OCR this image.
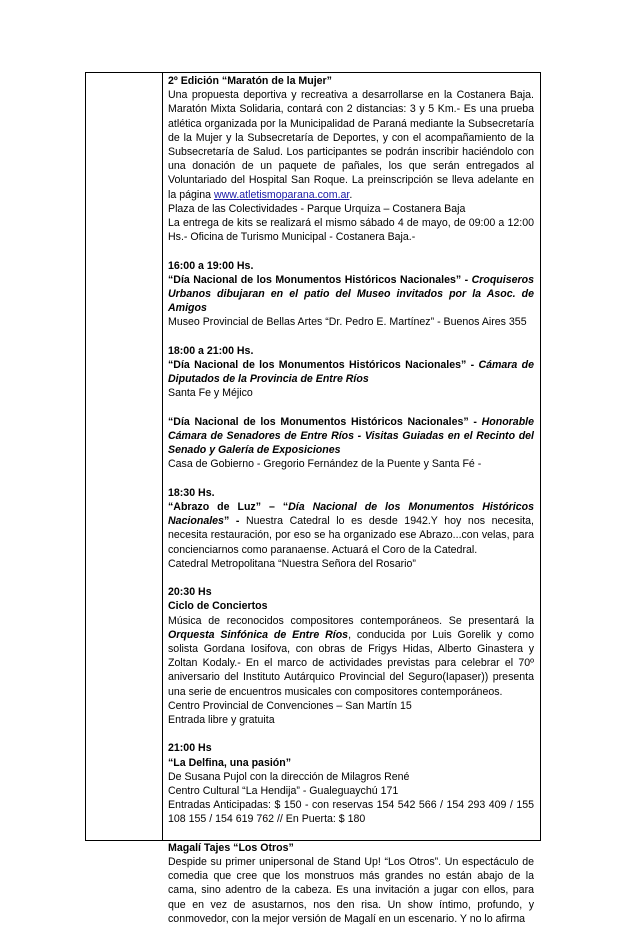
2º Edición “Maratón de la Mujer”

Una propuesta deportiva y recreativa a desarrollarse en la Costanera Baja. Maratón Mixta Solidaria, contará con 2 distancias: 3 y 5 Km.- Es una prueba atlética organizada por la Municipalidad de Paraná mediante la Subsecretaría de la Mujer y la Subsecretaría de Deportes, y con el acompañamiento de la Subsecretaría de Salud. Los participantes se podrán inscribir haciéndolo con una donación de un paquete de pañales, los que serán entregados al Voluntariado del Hospital San Roque. La preinscripción se lleva adelante en la página www.atletismoparana.com.ar.

Plaza de las Colectividades - Parque Urquiza – Costanera Baja

La entrega de kits se realizará el mismo sábado 4 de mayo, de 09:00 a 12:00 Hs.- Oficina de Turismo Municipal - Costanera Baja.-

16:00 a 19:00 Hs.

“Día Nacional de los Monumentos Históricos Nacionales” - Croquiseros Urbanos dibujaran en el patio del Museo invitados por la Asoc. de Amigos

Museo Provincial de Bellas Artes “Dr. Pedro E. Martínez” - Buenos Aires 355

18:00 a 21:00 Hs.

“Día Nacional de los Monumentos Históricos Nacionales” - Cámara de Diputados de la Provincia de Entre Ríos

Santa Fe y Méjico

“Día Nacional de los Monumentos Históricos Nacionales” - Honorable Cámara de Senadores de Entre Ríos - Visitas Guiadas en el Recinto del Senado y Galería de Exposiciones

Casa de Gobierno - Gregorio Fernández de la Puente y Santa Fé -

18:30 Hs.

“Abrazo de Luz” – “Día Nacional de los Monumentos Históricos Nacionales” - Nuestra Catedral lo es desde 1942.Y hoy nos necesita, necesita restauración, por eso se ha organizado ese Abrazo...con velas, para concienciarnos como paranaense. Actuará el Coro de la Catedral.

Catedral Metropolitana “Nuestra Señora del Rosario”

20:30 Hs

Ciclo de Conciertos

Música de reconocidos compositores contemporáneos. Se presentará la Orquesta Sinfónica de Entre Ríos, conducida por Luis Gorelik y como solista Gordana Iosifova, con obras de Frigys Hidas, Alberto Ginastera y Zoltan Kodaly.- En el marco de actividades previstas para celebrar el 70º aniversario del Instituto Autárquico Provincial del Seguro(Iapaser)) presenta una serie de encuentros musicales con compositores contemporáneos.

Centro Provincial de Convenciones – San Martín 15

Entrada libre y gratuita

21:00 Hs

“La Delfina, una pasión”

De Susana Pujol con la dirección de Milagros René

Centro Cultural “La Hendija” - Gualeguaychú 171

Entradas Anticipadas: $ 150 - con reservas 154 542 566 / 154 293 409 / 155 108 155 / 154 619 762 // En Puerta: $ 180

Magalí Tajes “Los Otros”

Despide su primer unipersonal de Stand Up! “Los Otros”. Un espectáculo de comedia que cree que los monstruos más grandes no están abajo de la cama, sino adentro de la cabeza. Es una invitación a jugar con ellos, para que en vez de asustarnos, nos den risa. Un show íntimo, profundo, y conmovedor, con la mejor versión de Magalí en un escenario. Y no lo afirma
